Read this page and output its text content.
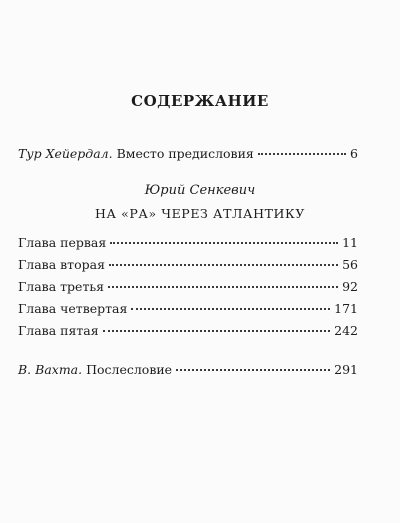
СОДЕРЖАНИЕ
Тур Хейердал. Вместо предисловия	6
Юрий Сенкевич
НА «РА» ЧЕРЕЗ АТЛАНТИКУ
Глава первая	11
Глава вторая	56
Глава третья	92
Глава четвертая	171
Глава пятая	242
В. Вахта. Послесловие	291
